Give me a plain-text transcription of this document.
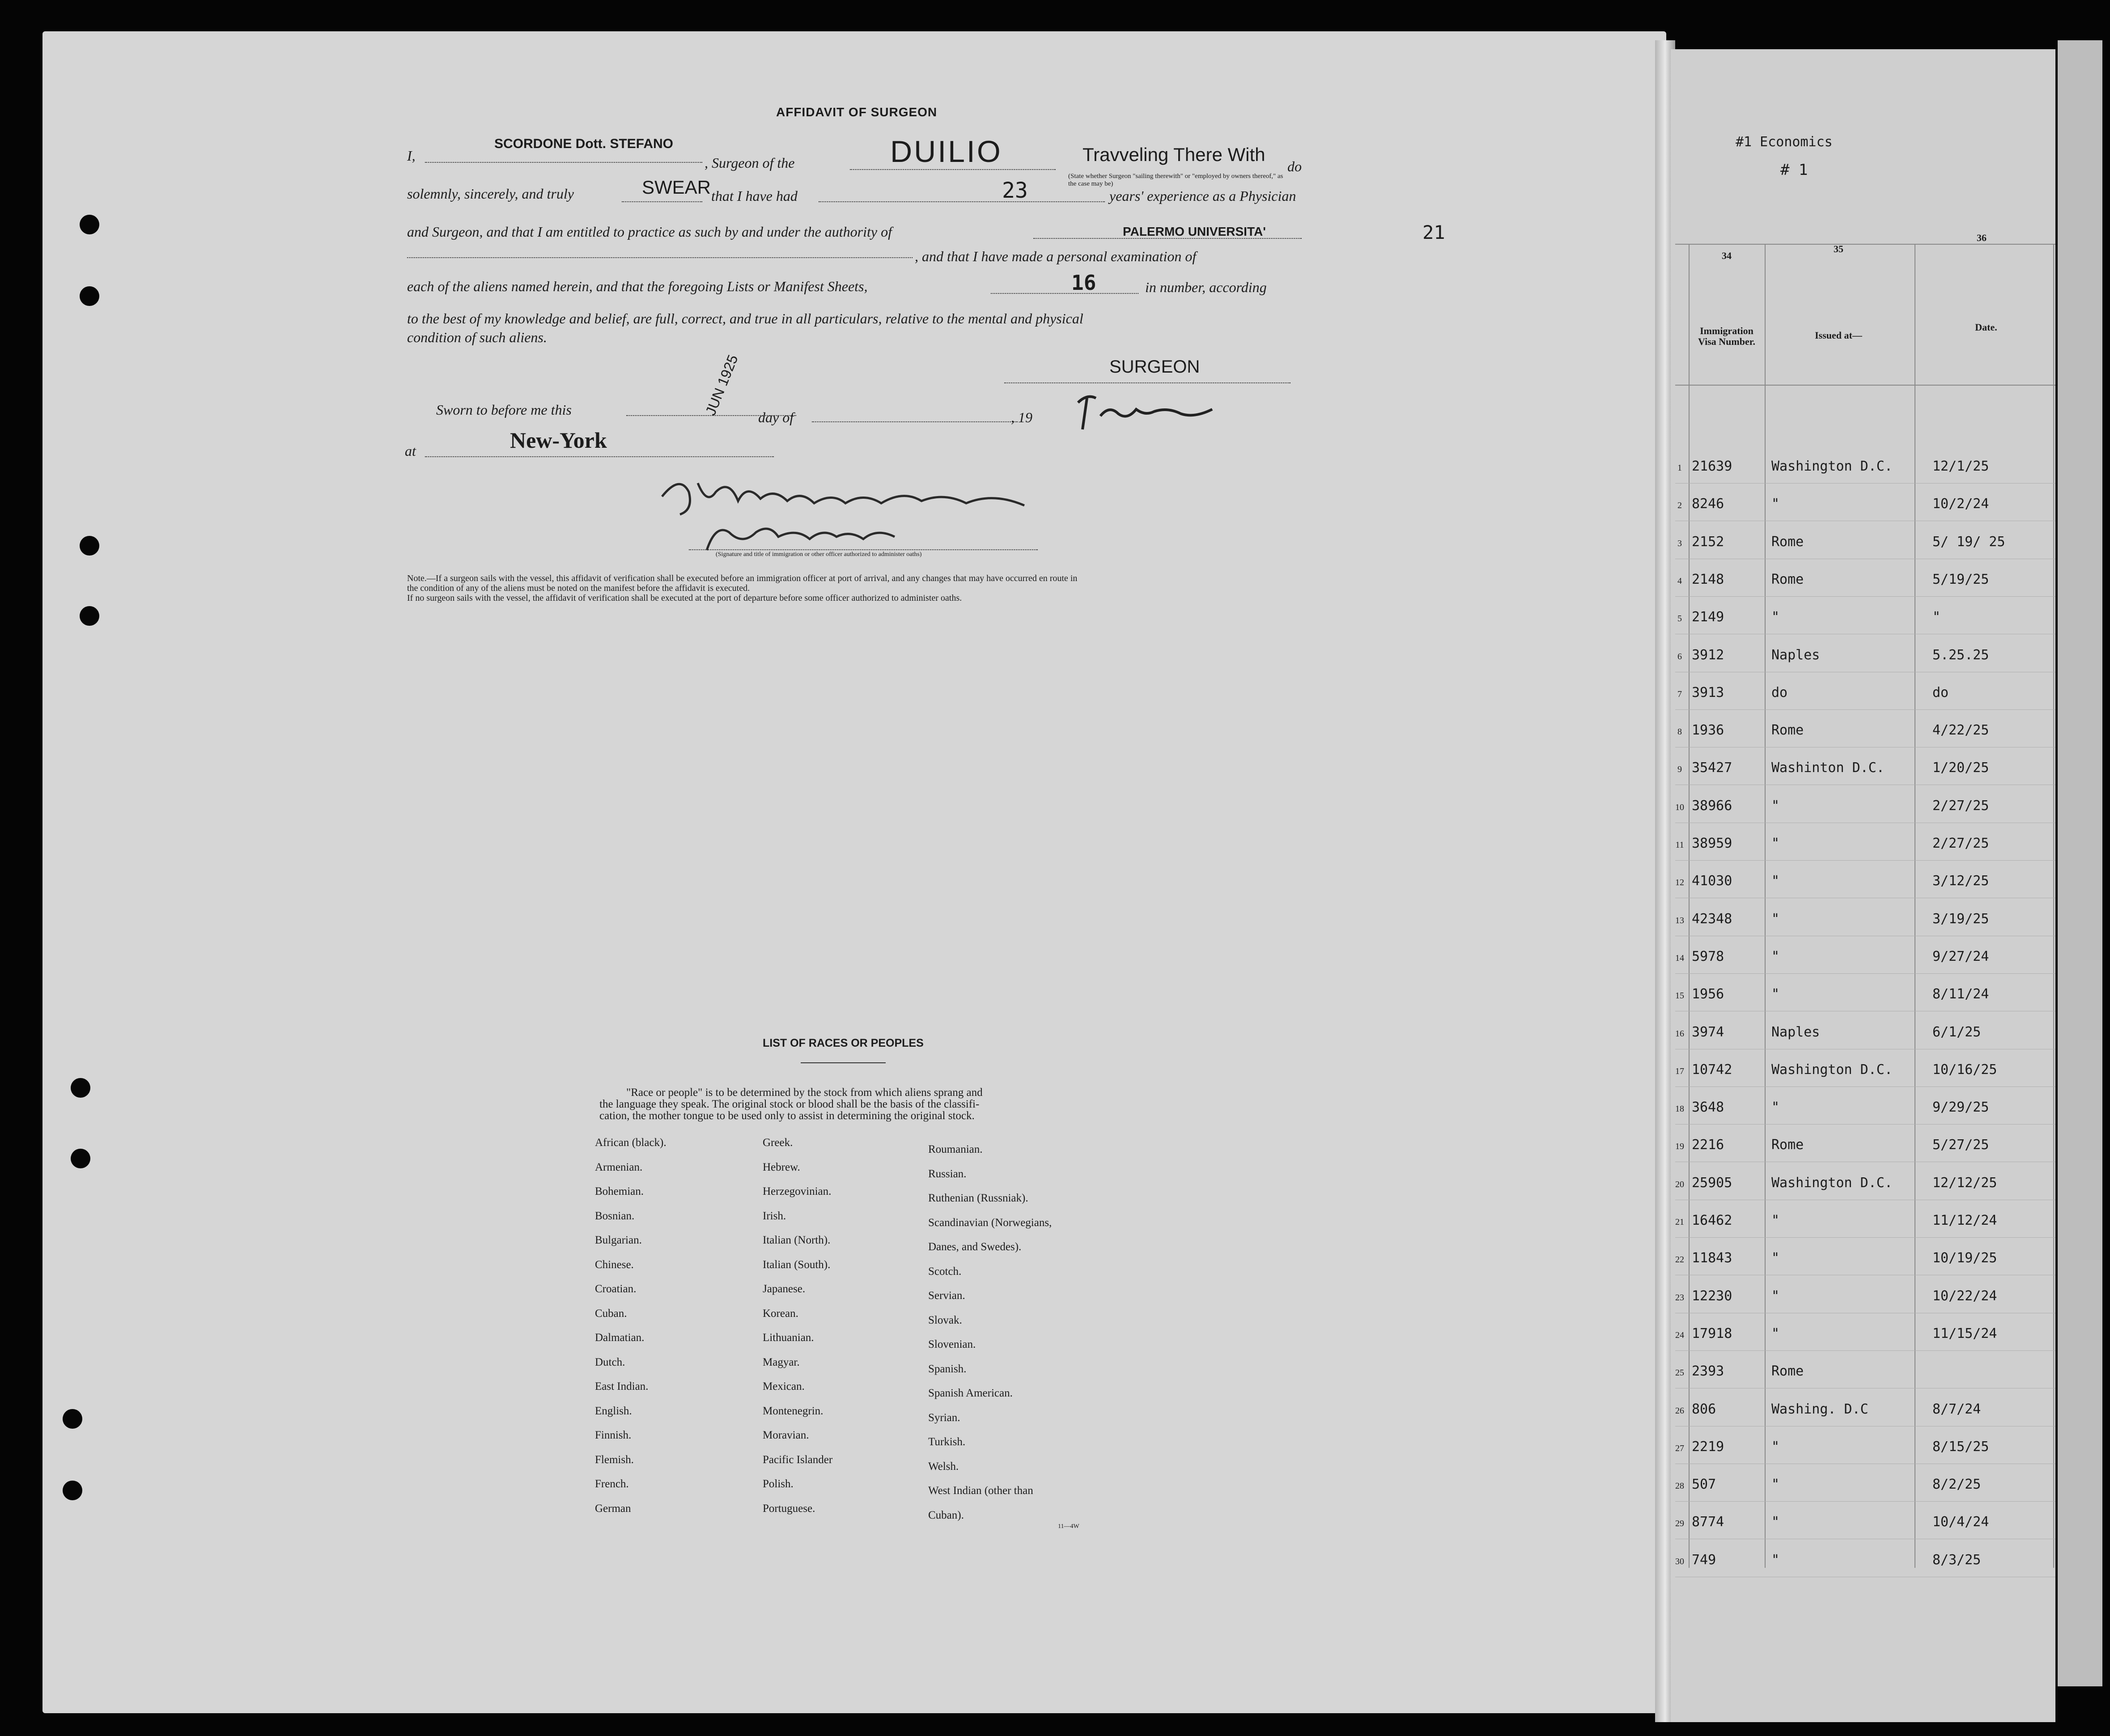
AFFIDAVIT OF SURGEON
I,
SCORDONE Dott. STEFANO
, Surgeon of the	DUILIO	Travveling There With
do
(State whether Surgeon "sailing therewith" or "employed by owners thereof," as the case may be)
solemnly, sincerely, and truly	SWEAR that I have had	23	years' experience as a Physician
and Surgeon, and that I am entitled to practice as such by and under the authority of	PALERMO UNIVERSITA'
, and that I have made a personal examination of
each of the aliens named herein, and that the foregoing Lists or Manifest Sheets,	16	in number, according
to the best of my knowledge and belief, are full, correct, and true in all particulars, relative to the mental and physical
condition of such aliens.
SURGEON
Sworn to before me this	day of	, 19
JUN 1925
at	New-York
(Signature and title of immigration or other officer authorized to administer oaths)
Note.—If a surgeon sails with the vessel, this affidavit of verification shall be executed before an immigration officer at port of arrival, and any changes that may have occurred en route in
the condition of any of the aliens must be noted on the manifest before the affidavit is executed.
If no surgeon sails with the vessel, the affidavit of verification shall be executed at the port of departure before some officer authorized to administer oaths.
21
LIST OF RACES OR PEOPLES
"Race or people" is to be determined by the stock from which aliens sprang and
the language they speak. The original stock or blood shall be the basis of the classifi-
cation, the mother tongue to be used only to assist in determining the original stock.
African (black).
Armenian.
Bohemian.
Bosnian.
Bulgarian.
Chinese.
Croatian.
Cuban.
Dalmatian.
Dutch.
East Indian.
English.
Finnish.
Flemish.
French.
German
Greek.
Hebrew.
Herzegovinian.
Irish.
Italian (North).
Italian (South).
Japanese.
Korean.
Lithuanian.
Magyar.
Mexican.
Montenegrin.
Moravian.
Pacific Islander
Polish.
Portuguese.
Roumanian.
Russian.
Ruthenian (Russniak).
Scandinavian (Norwegians,
Danes, and Swedes).
Scotch.
Servian.
Slovak.
Slovenian.
Spanish.
Spanish American.
Syrian.
Turkish.
Welsh.
West Indian (other than
Cuban).
11—4W
#1 Economics
# 1
34
35
36
Immigration Visa Number.
Issued at—
Date.
1 21639	Washington D.C.	12/1/25
2 8246	"	10/2/24
3 2152	Rome	5/ 19/ 25
4 2148	Rome	5/19/25
5 2149	"	"
6 3912	Naples	5.25.25
7 3913	do	do
8 1936	Rome	4/22/25
9 35427	Washinton D.C.	1/20/25
10 38966	"	2/27/25
11 38959	"	2/27/25
12 41030	"	3/12/25
13 42348	"	3/19/25
14 5978	"	9/27/24
15 1956	"	8/11/24
16 3974	Naples	6/1/25
17 10742	Washington D.C.	10/16/25
18 3648	"	9/29/25
19 2216	Rome	5/27/25
20 25905	Washington D.C.	12/12/25
21 16462	"	11/12/24
22 11843	"	10/19/25
23 12230	"	10/22/24
24 17918	"	11/15/24
25 2393	Rome
26 806	Washing. D.C	8/7/24
27 2219	"	8/15/25
28 507	"	8/2/25
29 8774	"	10/4/24
30 749	"	8/3/25
